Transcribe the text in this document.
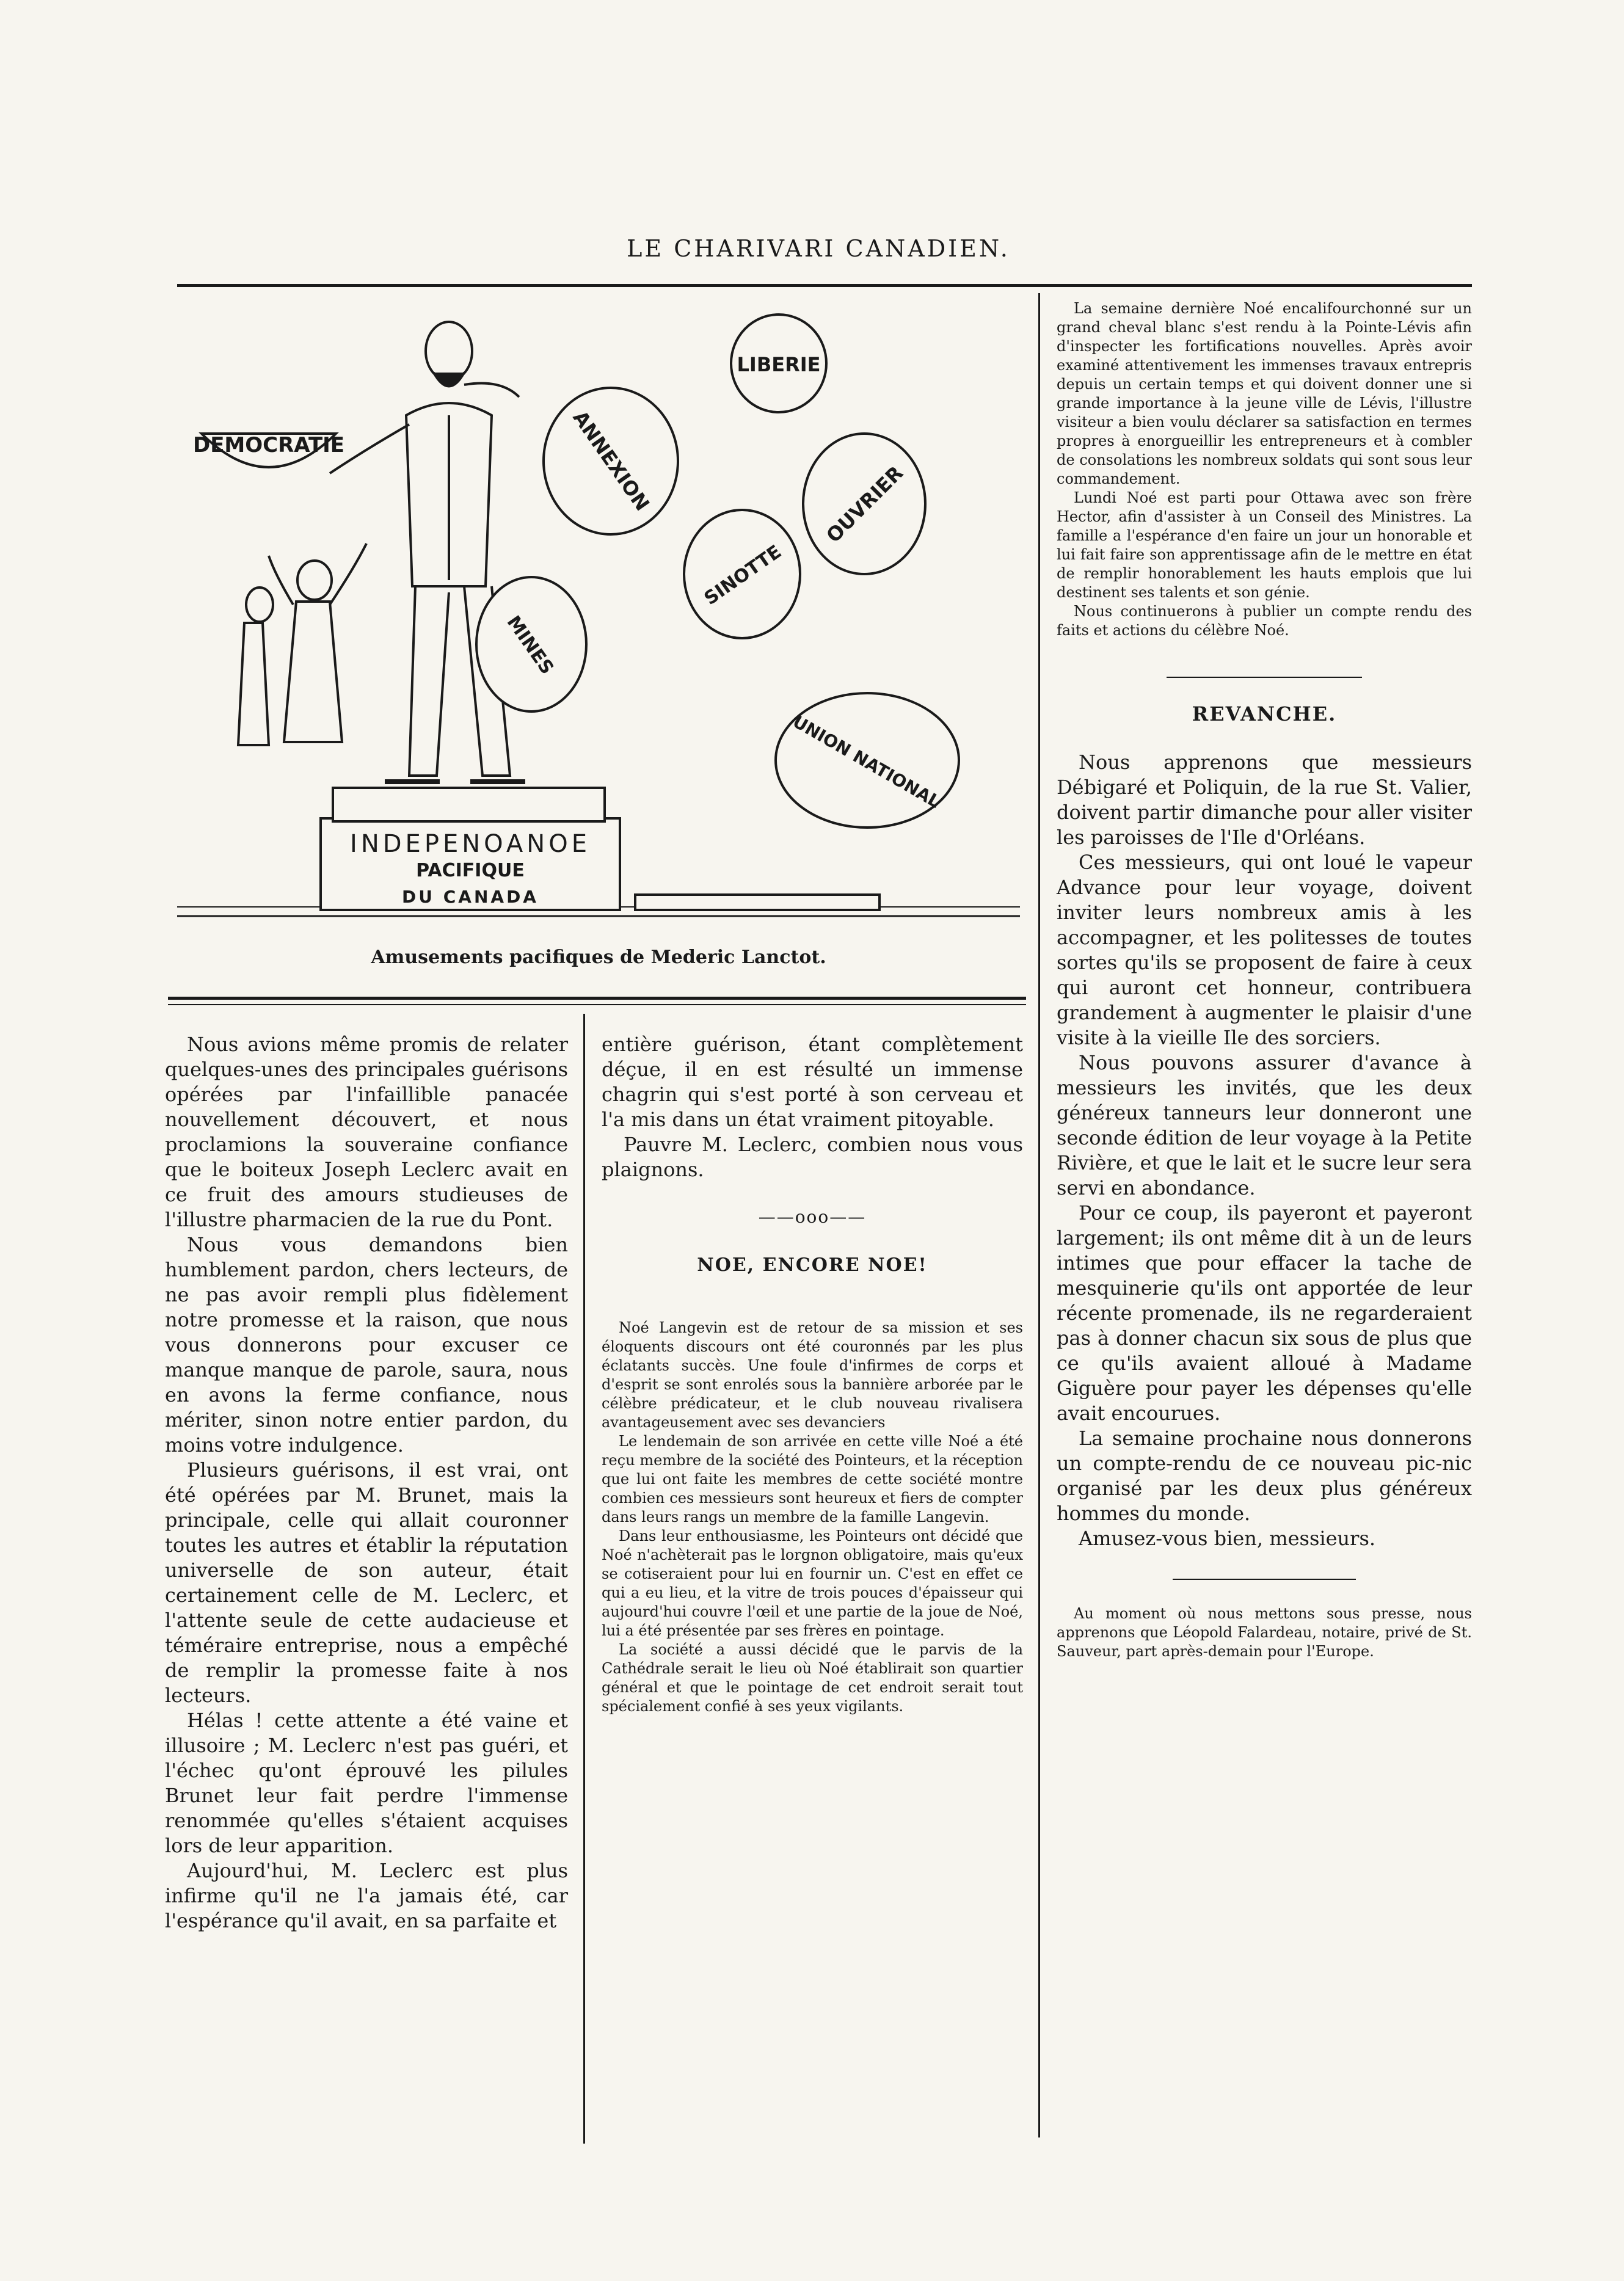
LE CHARIVARI CANADIEN.
DEMOCRATIE
LIBERIE
ANNEXION	OUVRIER
SINOTTE
MINES
UNION NATIONAL
INDEPENOANOE
PACIFIQUE
DU CANADA
Amusements pacifiques de Mederic Lanctot.

Nous avions même promis de relater quelques-unes des principales guérisons opérées par l'infaillible panacée nouvellement découvert, et nous proclamions la souveraine confiance que le boiteux Joseph Leclerc avait en ce fruit des amours studieuses de l'illustre pharmacien de la rue du Pont.

Nous vous demandons bien humblement pardon, chers lecteurs, de ne pas avoir rempli plus fidèlement notre promesse et la raison, que nous vous donnerons pour excuser ce manque manque de parole, saura, nous en avons la ferme confiance, nous mériter, sinon notre entier pardon, du moins votre indulgence.

Plusieurs guérisons, il est vrai, ont été opérées par M. Brunet, mais la principale, celle qui allait couronner toutes les autres et établir la réputation universelle de son auteur, était certainement celle de M. Leclerc, et l'attente seule de cette audacieuse et téméraire entreprise, nous a empêché de remplir la promesse faite à nos lecteurs.

Hélas ! cette attente a été vaine et illusoire ; M. Leclerc n'est pas guéri, et l'échec qu'ont éprouvé les pilules Brunet leur fait perdre l'immense renommée qu'elles s'étaient acquises lors de leur apparition.

Aujourd'hui, M. Leclerc est plus infirme qu'il ne l'a jamais été, car l'espérance qu'il avait, en sa parfaite et

entière guérison, étant complètement déçue, il en est résulté un immense chagrin qui s'est porté à son cerveau et l'a mis dans un état vraiment pitoyable.

Pauvre M. Leclerc, combien nous vous plaignons.

——ooo——
NOE, ENCORE NOE!

Noé Langevin est de retour de sa mission et ses éloquents discours ont été couronnés par les plus éclatants succès. Une foule d'infirmes de corps et d'esprit se sont enrolés sous la bannière arborée par le célèbre prédicateur, et le club nouveau rivalisera avantageusement avec ses devanciers

Le lendemain de son arrivée en cette ville Noé a été reçu membre de la société des Pointeurs, et la réception que lui ont faite les membres de cette société montre combien ces messieurs sont heureux et fiers de compter dans leurs rangs un membre de la famille Langevin.

Dans leur enthousiasme, les Pointeurs ont décidé que Noé n'achèterait pas le lorgnon obligatoire, mais qu'eux se cotiseraient pour lui en fournir un. C'est en effet ce qui a eu lieu, et la vitre de trois pouces d'épaisseur qui aujourd'hui couvre l'œil et une partie de la joue de Noé, lui a été présentée par ses frères en pointage.

La société a aussi décidé que le parvis de la Cathédrale serait le lieu où Noé établirait son quartier général et que le pointage de cet endroit serait tout spécialement confié à ses yeux vigilants.

La semaine dernière Noé encalifourchonné sur un grand cheval blanc s'est rendu à la Pointe-Lévis afin d'inspecter les fortifications nouvelles. Après avoir examiné attentivement les immenses travaux entrepris depuis un certain temps et qui doivent donner une si grande importance à la jeune ville de Lévis, l'illustre visiteur a bien voulu déclarer sa satisfaction en termes propres à enorgueillir les entrepreneurs et à combler de consolations les nombreux soldats qui sont sous leur commandement.

Lundi Noé est parti pour Ottawa avec son frère Hector, afin d'assister à un Conseil des Ministres. La famille a l'espérance d'en faire un jour un honorable et lui fait faire son apprentissage afin de le mettre en état de remplir honorablement les hauts emplois que lui destinent ses talents et son génie.

Nous continuerons à publier un compte rendu des faits et actions du célèbre Noé.

REVANCHE.

Nous apprenons que messieurs Débigaré et Poliquin, de la rue St. Valier, doivent partir dimanche pour aller visiter les paroisses de l'Ile d'Orléans.

Ces messieurs, qui ont loué le vapeur Advance pour leur voyage, doivent inviter leurs nombreux amis à les accompagner, et les politesses de toutes sortes qu'ils se proposent de faire à ceux qui auront cet honneur, contribuera grandement à augmenter le plaisir d'une visite à la vieille Ile des sorciers.

Nous pouvons assurer d'avance à messieurs les invités, que les deux généreux tanneurs leur donneront une seconde édition de leur voyage à la Petite Rivière, et que le lait et le sucre leur sera servi en abondance.

Pour ce coup, ils payeront et payeront largement; ils ont même dit à un de leurs intimes que pour effacer la tache de mesquinerie qu'ils ont apportée de leur récente promenade, ils ne regarderaient pas à donner chacun six sous de plus que ce qu'ils avaient alloué à Madame Giguère pour payer les dépenses qu'elle avait encourues.

La semaine prochaine nous donnerons un compte-rendu de ce nouveau pic-nic organisé par les deux plus généreux hommes du monde.

Amusez-vous bien, messieurs.

Au moment où nous mettons sous presse, nous apprenons que Léopold Falardeau, notaire, privé de St. Sauveur, part après-demain pour l'Europe.
